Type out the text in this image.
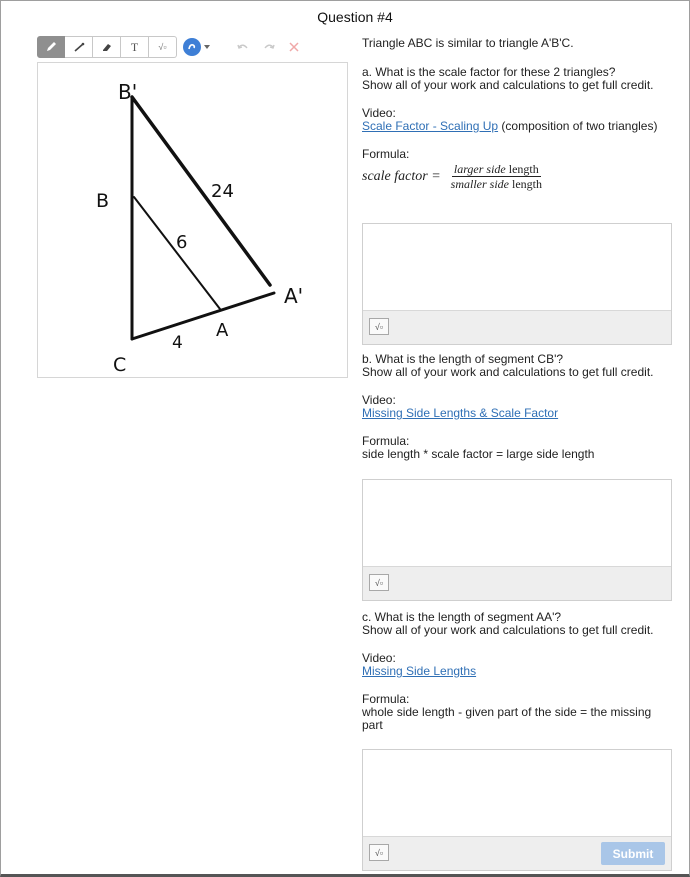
Question #4
T √▫
B'
B
C
A
A'
24
6
4

Triangle ABC is similar to triangle A'B'C.

a. What is the scale factor for these 2 triangles?

Show all of your work and calculations to get full credit.

Video:

Scale Factor - Scaling Up (composition of two triangles)

Formula:

scale factor = $\frac{\text{larger side length}}{\text{smaller side length}}$
√▫

b. What is the length of segment CB'?

Show all of your work and calculations to get full credit.

Video:

Missing Side Lengths & Scale Factor

Formula:

side length * scale factor = large side length

√▫

c. What is the length of segment AA'?

Show all of your work and calculations to get full credit.

Video:

Missing Side Lengths

Formula:

whole side length - given part of the side = the missing part

√▫	Submit
